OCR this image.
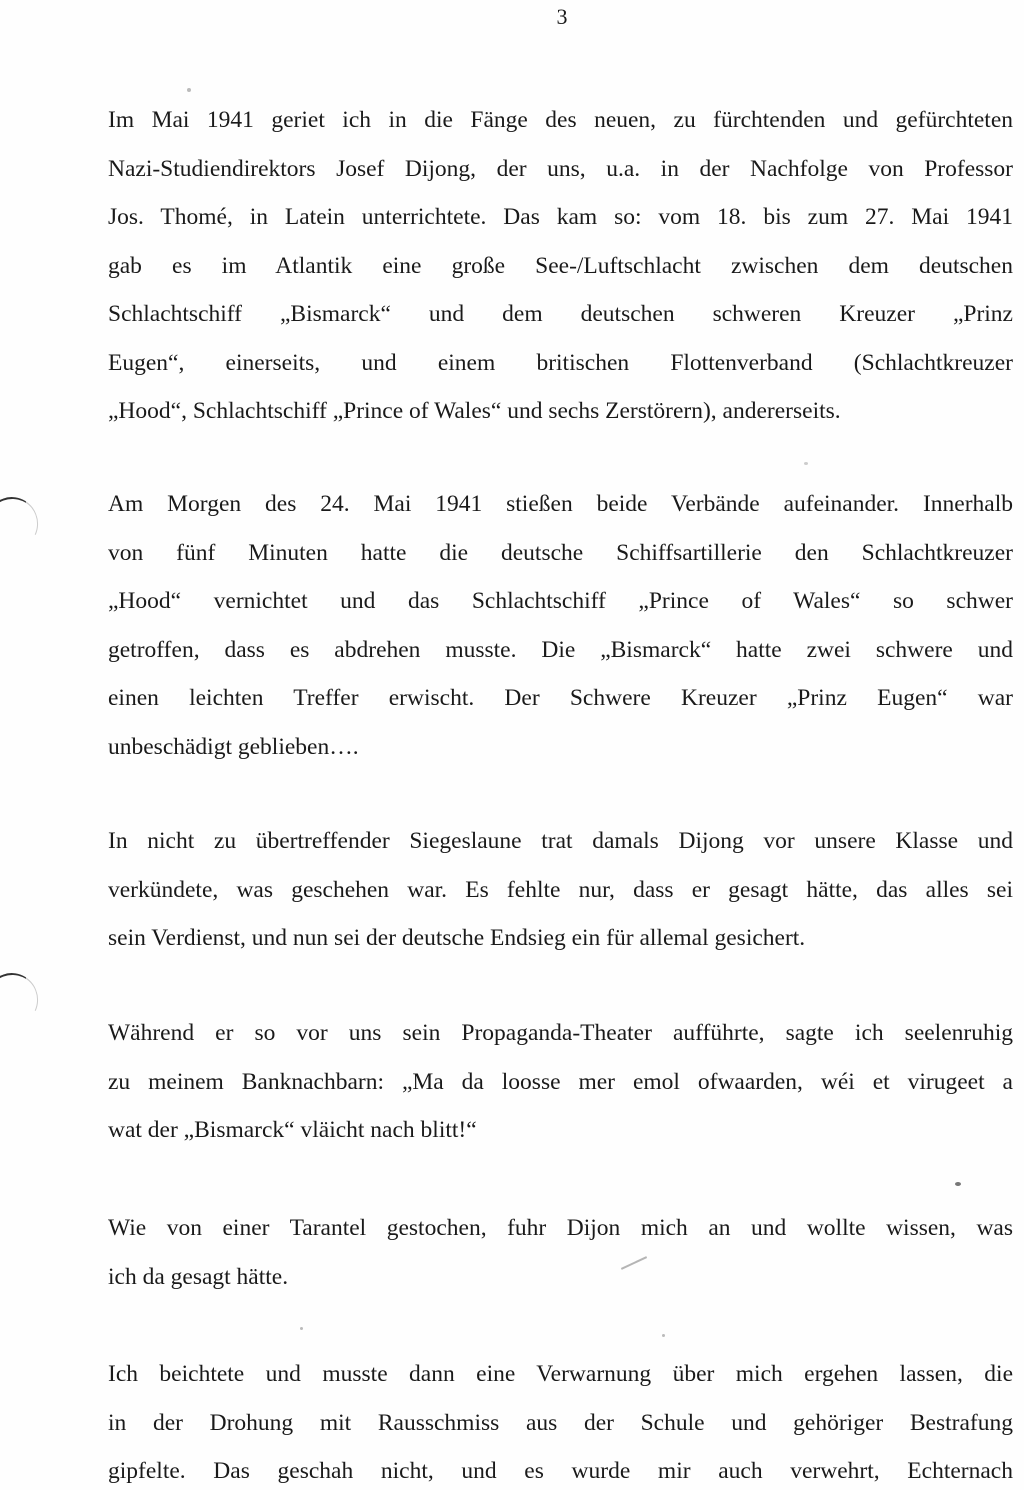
3
Im Mai 1941 geriet ich in die Fänge des neuen, zu fürchtenden und gefürchteten
Nazi-Studiendirektors Josef Dijong, der uns, u.a. in der Nachfolge von Professor
Jos. Thomé, in Latein unterrichtete. Das kam so: vom 18. bis zum 27. Mai 1941
gab es im Atlantik eine große See-/Luftschlacht zwischen dem deutschen
Schlachtschiff „Bismarck“ und dem deutschen schweren Kreuzer „Prinz
Eugen“, einerseits, und einem britischen Flottenverband (Schlachtkreuzer
„Hood“, Schlachtschiff „Prince of Wales“ und sechs Zerstörern), andererseits.
Am Morgen des 24. Mai 1941 stießen beide Verbände aufeinander. Innerhalb
von fünf Minuten hatte die deutsche Schiffsartillerie den Schlachtkreuzer
„Hood“ vernichtet und das Schlachtschiff „Prince of Wales“ so schwer
getroffen, dass es abdrehen musste. Die „Bismarck“ hatte zwei schwere und
einen leichten Treffer erwischt. Der Schwere Kreuzer „Prinz Eugen“ war
unbeschädigt geblieben….
In nicht zu übertreffender Siegeslaune trat damals Dijong vor unsere Klasse und
verkündete, was geschehen war. Es fehlte nur, dass er gesagt hätte, das alles sei
sein Verdienst, und nun sei der deutsche Endsieg ein für allemal gesichert.
Während er so vor uns sein Propaganda-Theater aufführte, sagte ich seelenruhig
zu meinem Banknachbarn: „Ma da loosse mer emol ofwaarden, wéi et virugeet a
wat der „Bismarck“ vläicht nach blitt!“
Wie von einer Tarantel gestochen, fuhr Dijon mich an und wollte wissen, was
ich da gesagt hätte.
Ich beichtete und musste dann eine Verwarnung über mich ergehen lassen, die
in der Drohung mit Rausschmiss aus der Schule und gehöriger Bestrafung
gipfelte. Das geschah nicht, und es wurde mir auch verwehrt, Echternach
